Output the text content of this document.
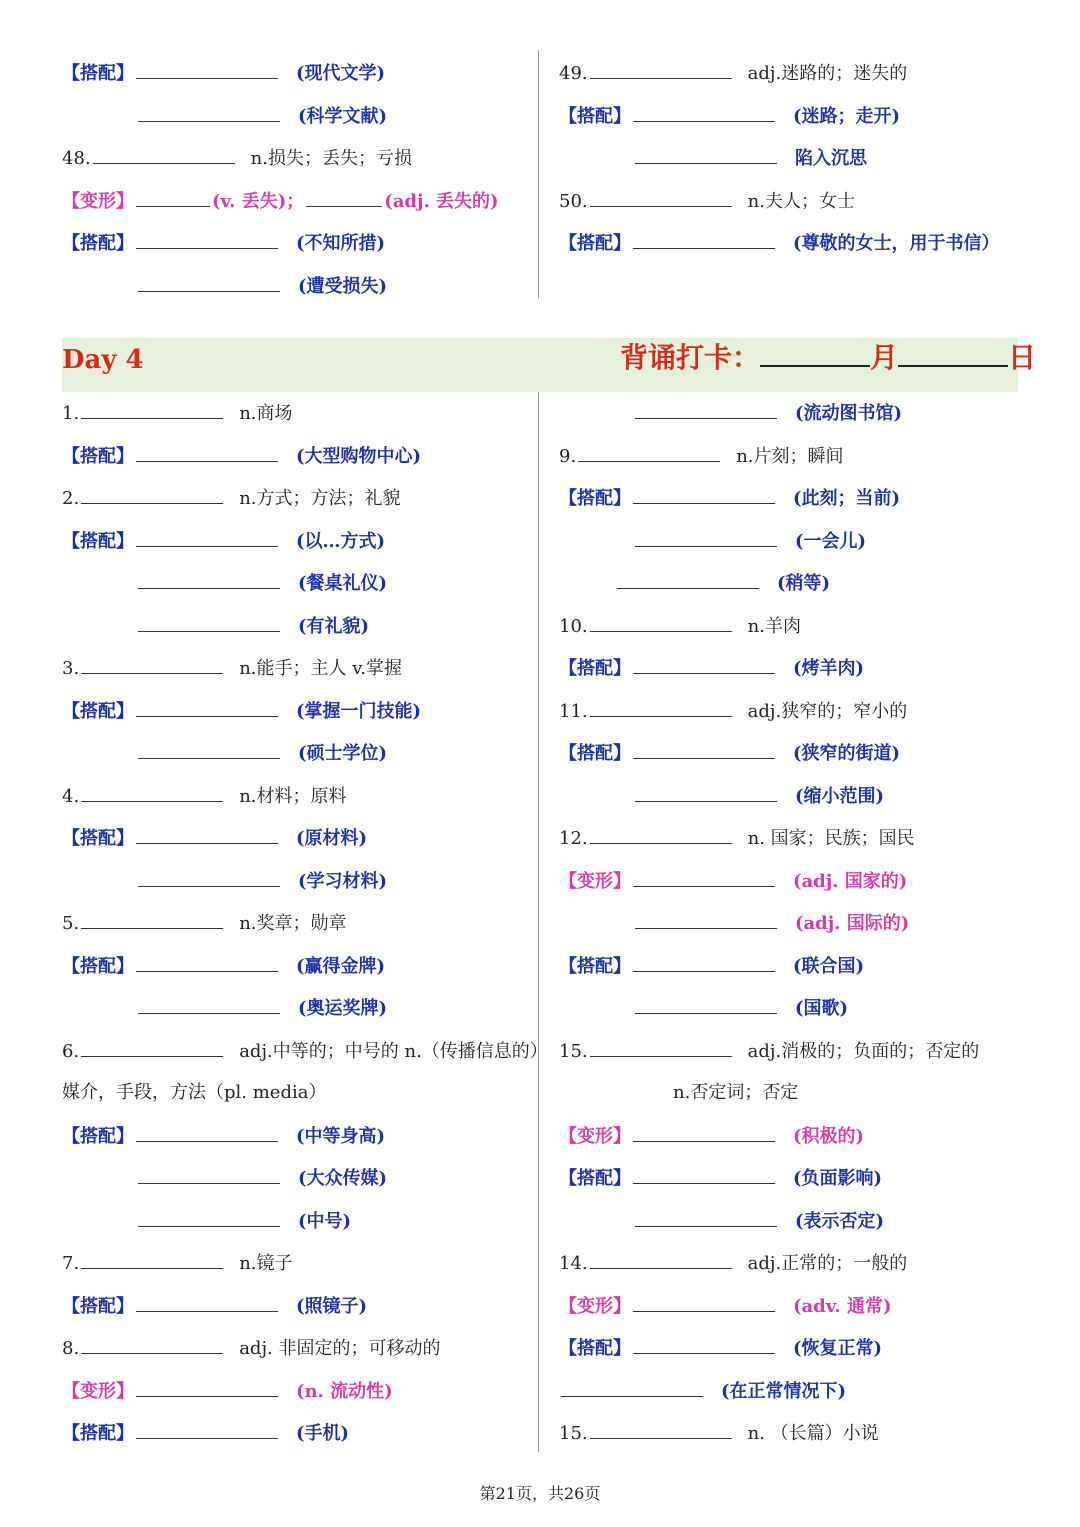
Day 4	背诵打卡：	月	日
【搭配】	(现代文学)
(科学文献)
48.	n.损失；丢失；亏损
【变形】	(v. 丢失)；	(adj. 丢失的)
【搭配】	(不知所措)
(遭受损失)
49.	adj.迷路的；迷失的
【搭配】	(迷路；走开)
陷入沉思
50.	n.夫人；女士
【搭配】	(尊敬的女士，用于书信）
1.	n.商场
【搭配】	(大型购物中心)
2.	n.方式；方法；礼貌
【搭配】	(以…方式)
(餐桌礼仪)
(有礼貌)
3.	n.能手；主人 v.掌握
【搭配】	(掌握一门技能)
(硕士学位)
4.	n.材料；原料
【搭配】	(原材料)
(学习材料)
5.	n.奖章；勋章
【搭配】	(赢得金牌)
(奥运奖牌)
6.	adj.中等的；中号的 n.（传播信息的）
媒介，手段，方法（pl. media）
【搭配】	(中等身高)
(大众传媒)
(中号)
7.	n.镜子
【搭配】	(照镜子)
8.	adj. 非固定的；可移动的
【变形】	(n. 流动性)
【搭配】	(手机)
(流动图书馆)
9.	n.片刻；瞬间
【搭配】	(此刻；当前)
(一会儿)
(稍等)
10.	n.羊肉
【搭配】	(烤羊肉)
11.	adj.狭窄的；窄小的
【搭配】	(狭窄的街道)
(缩小范围)
12.	n. 国家；民族；国民
【变形】	(adj. 国家的)
(adj. 国际的)
【搭配】	(联合国)
(国歌)
15.	adj.消极的；负面的；否定的
n.否定词；否定
【变形】	(积极的)
【搭配】	(负面影响)
(表示否定)
14.	adj.正常的；一般的
【变形】	(adv. 通常)
【搭配】	(恢复正常)
(在正常情况下)
15.	n. （长篇）小说
第21页，共26页
